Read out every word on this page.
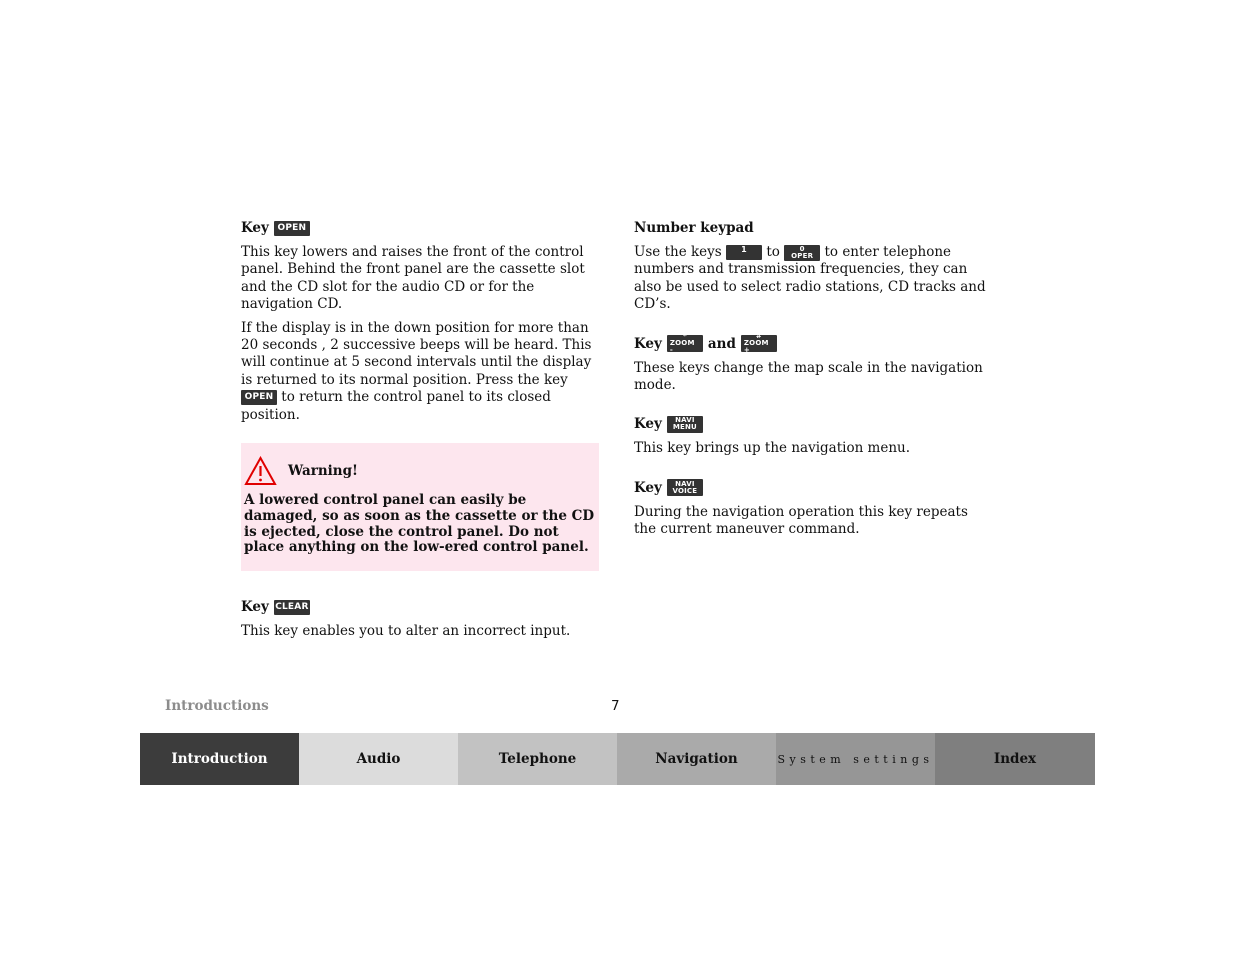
Key OPEN

This key lowers and raises the front of the control panel. Behind the front panel are the cassette slot and the CD slot for the audio CD or for the navigation CD.

If the display is in the down position for more than 20 seconds , 2 successive beeps will be heard. This will continue at 5 second intervals until the display is returned to its normal position. Press the key OPEN to return the control panel to its closed position.

Warning!

A lowered control panel can easily be damaged, so as soon as the cassette or the CD is ejected, close the control panel. Do not place anything on the low-ered control panel.

Key CLEAR

This key enables you to alter an incorrect input.

Number keypad

Use the keys 1 to	0
OPER to enter telephone numbers and transmission frequencies, they can also be used to select radio stations, CD tracks and CD’s.

Key	*
ZOOM -	and	#
ZOOM +

These keys change the map scale in the navigation mode.

Key NAVI
MENU

This key brings up the navigation menu.

Key NAVI
VOICE

During the navigation operation this key repeats the current maneuver command.

Introductions	7
Introduction	Audio	Telephone	Navigation	System settings	Index
